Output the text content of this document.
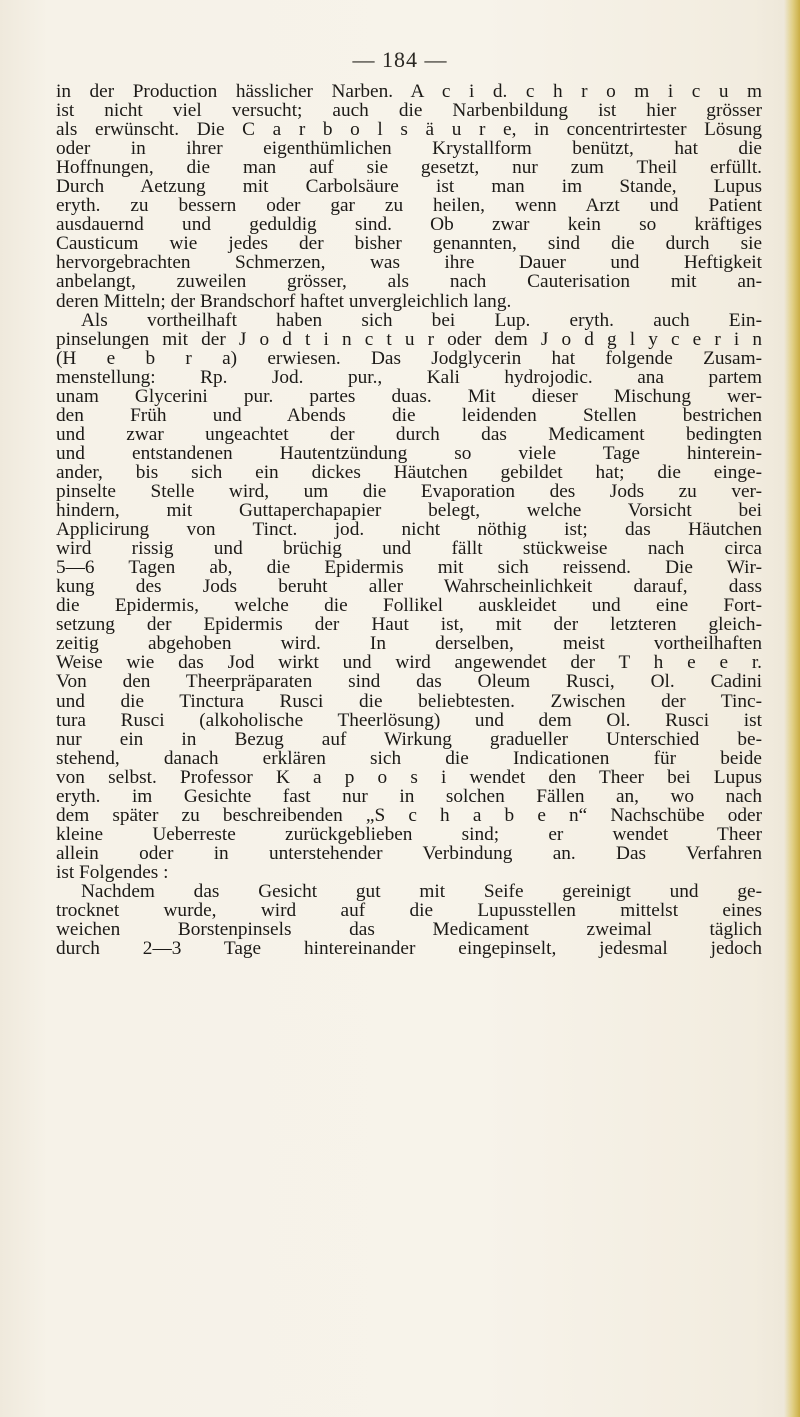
— 184 —
in der Production hässlicher Narben. A c i d. c h r o m i c u m
ist nicht viel versucht; auch die Narbenbildung ist hier grösser
als erwünscht. Die C a r b o l s ä u r e, in concentrirtester Lösung
oder in ihrer eigenthümlichen Krystallform benützt, hat die
Hoffnungen, die man auf sie gesetzt, nur zum Theil erfüllt.
Durch Aetzung mit Carbolsäure ist man im Stande, Lupus
eryth. zu bessern oder gar zu heilen, wenn Arzt und Patient
ausdauernd und geduldig sind. Ob zwar kein so kräftiges
Causticum wie jedes der bisher genannten, sind die durch sie
hervorgebrachten Schmerzen, was ihre Dauer und Heftigkeit
anbelangt, zuweilen grösser, als nach Cauterisation mit an-
deren Mitteln; der Brandschorf haftet unvergleichlich lang.
Als vortheilhaft haben sich bei Lup. eryth. auch Ein-
pinselungen mit der J o d t i n c t u r oder dem J o d g l y c e r i n
(H e b r a) erwiesen. Das Jodglycerin hat folgende Zusam-
menstellung: Rp. Jod. pur., Kali hydrojodic. ana partem
unam Glycerini pur. partes duas. Mit dieser Mischung wer-
den Früh und Abends die leidenden Stellen bestrichen
und zwar ungeachtet der durch das Medicament bedingten
und entstandenen Hautentzündung so viele Tage hinterein-
ander, bis sich ein dickes Häutchen gebildet hat; die einge-
pinselte Stelle wird, um die Evaporation des Jods zu ver-
hindern, mit Guttaperchapapier belegt, welche Vorsicht bei
Applicirung von Tinct. jod. nicht nöthig ist; das Häutchen
wird rissig und brüchig und fällt stückweise nach circa
5—6 Tagen ab, die Epidermis mit sich reissend. Die Wir-
kung des Jods beruht aller Wahrscheinlichkeit darauf, dass
die Epidermis, welche die Follikel auskleidet und eine Fort-
setzung der Epidermis der Haut ist, mit der letzteren gleich-
zeitig abgehoben wird. In derselben, meist vortheilhaften
Weise wie das Jod wirkt und wird angewendet der T h e e r.
Von den Theerpräparaten sind das Oleum Rusci, Ol. Cadini
und die Tinctura Rusci die beliebtesten. Zwischen der Tinc-
tura Rusci (alkoholische Theerlösung) und dem Ol. Rusci ist
nur ein in Bezug auf Wirkung gradueller Unterschied be-
stehend, danach erklären sich die Indicationen für beide
von selbst. Professor K a p o s i wendet den Theer bei Lupus
eryth. im Gesichte fast nur in solchen Fällen an, wo nach
dem später zu beschreibenden „S c h a b e n“ Nachschübe oder
kleine Ueberreste zurückgeblieben sind; er wendet Theer
allein oder in unterstehender Verbindung an. Das Verfahren
ist Folgendes :
Nachdem das Gesicht gut mit Seife gereinigt und ge-
trocknet wurde, wird auf die Lupusstellen mittelst eines
weichen Borstenpinsels das Medicament zweimal täglich
durch 2—3 Tage hintereinander eingepinselt, jedesmal jedoch
